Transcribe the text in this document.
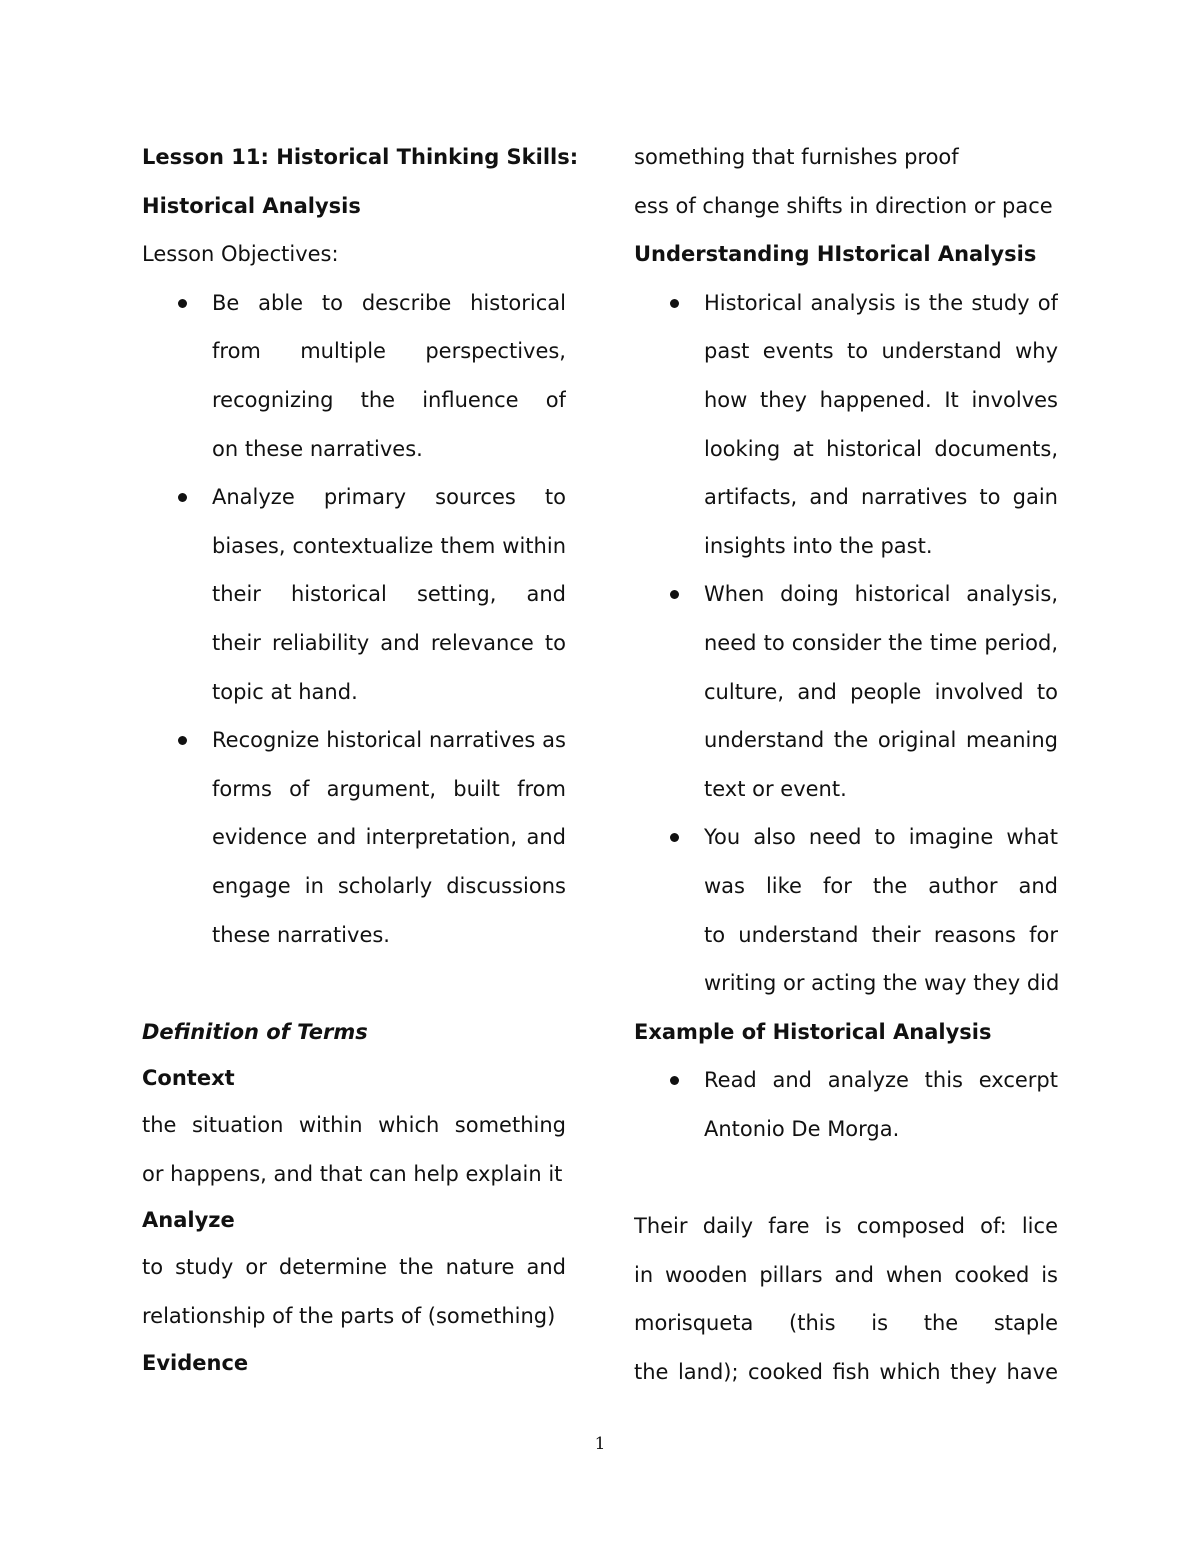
Lesson 11: Historical Thinking Skills:

Historical Analysis

Lesson Objectives:

Be able to describe historical

from multiple perspectives,

recognizing the influence of

on these narratives.

Analyze primary sources to

biases, contextualize them within

their historical setting, and

their reliability and relevance to

topic at hand.

Recognize historical narratives as

forms of argument, built from

evidence and interpretation, and

engage in scholarly discussions

these narratives.

Definition of Terms

Context

the situation within which something

or happens, and that can help explain it

Analyze

to study or determine the nature and

relationship of the parts of (something)

Evidence

something that furnishes proof

ess of change shifts in direction or pace

Understanding HIstorical Analysis

Historical analysis is the study of

past events to understand why

how they happened. It involves

looking at historical documents,

artifacts, and narratives to gain

insights into the past.

When doing historical analysis,

need to consider the time period,

culture, and people involved to

understand the original meaning

text or event.

You also need to imagine what

was like for the author and

to understand their reasons for

writing or acting the way they did

Example of Historical Analysis

Read and analyze this excerpt

Antonio De Morga.

Their daily fare is composed of: lice

in wooden pillars and when cooked is

morisqueta (this is the staple

the land); cooked fish which they have

1
